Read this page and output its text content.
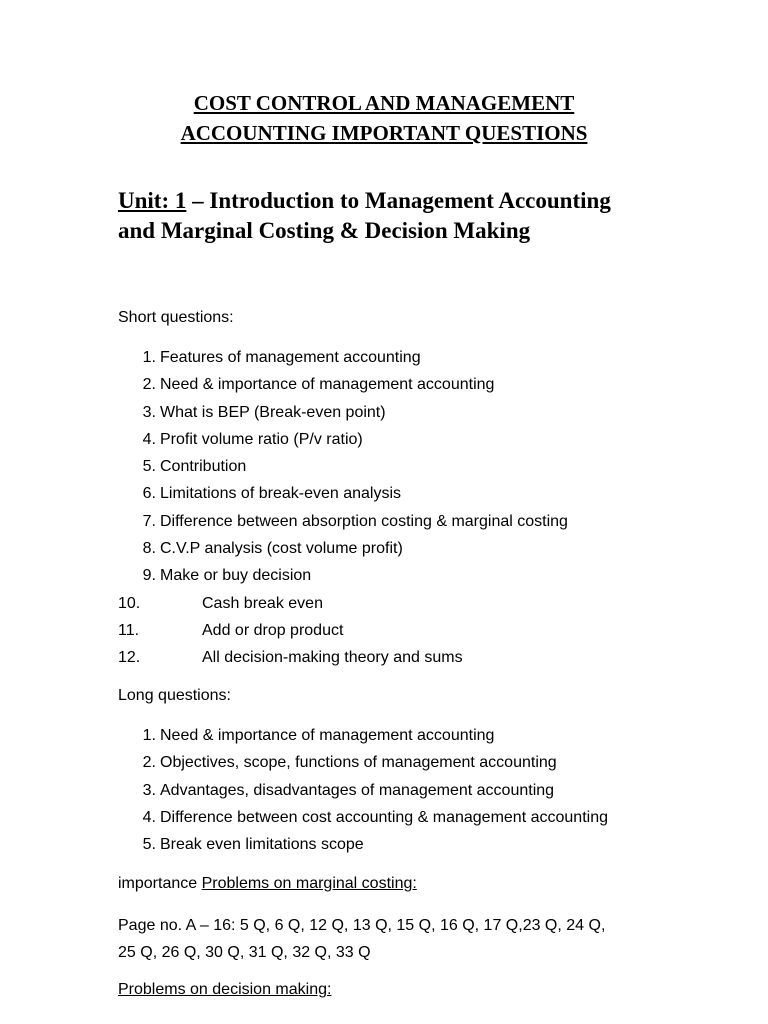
COST CONTROL AND MANAGEMENT
ACCOUNTING IMPORTANT QUESTIONS
Unit: 1 – Introduction to Management Accounting and Marginal Costing & Decision Making
Short questions:
1. Features of management accounting
2. Need & importance of management accounting
3. What is BEP (Break-even point)
4. Profit volume ratio (P/v ratio)
5. Contribution
6. Limitations of break-even analysis
7. Difference between absorption costing & marginal costing
8. C.V.P analysis (cost volume profit)
9. Make or buy decision
10.	Cash break even
11.	Add or drop product
12.	All decision-making theory and sums
Long questions:
1. Need & importance of management accounting
2. Objectives, scope, functions of management accounting
3. Advantages, disadvantages of management accounting
4. Difference between cost accounting & management accounting
5. Break even limitations scope
importance Problems on marginal costing:
Page no. A – 16: 5 Q, 6 Q, 12 Q, 13 Q, 15 Q, 16 Q, 17 Q,23 Q, 24 Q,
25 Q, 26 Q, 30 Q, 31 Q, 32 Q, 33 Q
Problems on decision making:
